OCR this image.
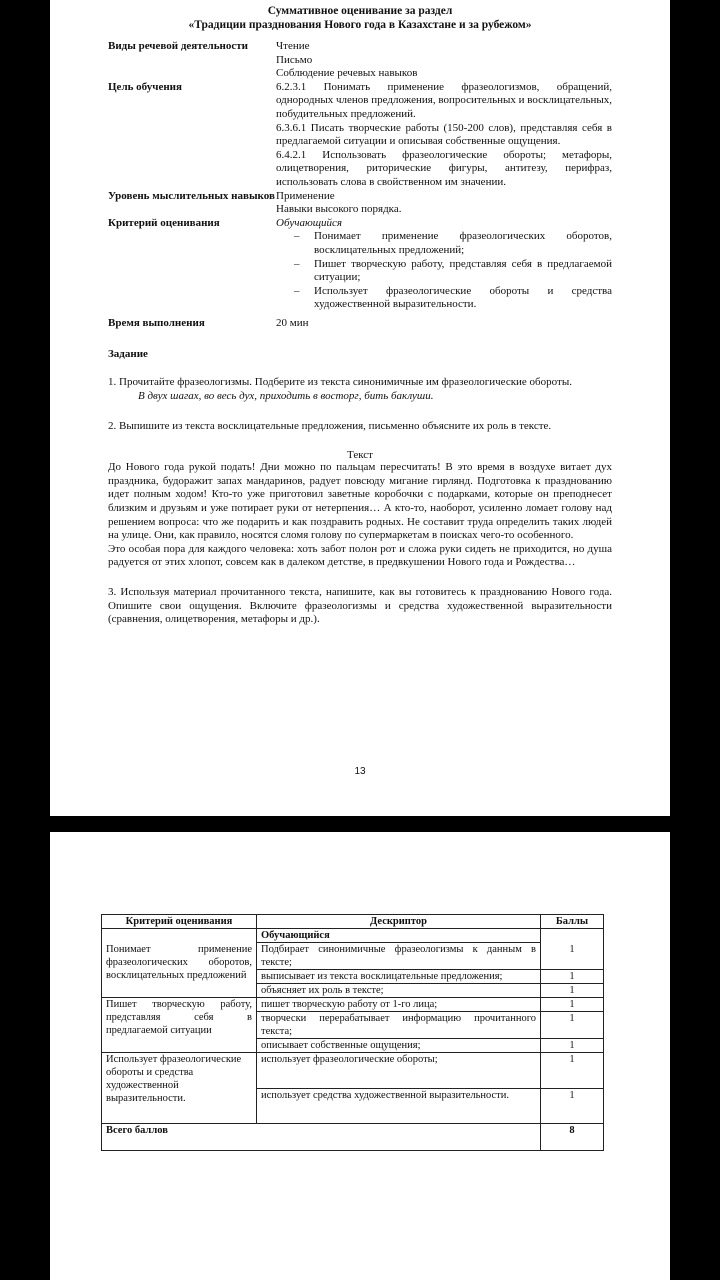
Суммативное оценивание за раздел
«Традиции празднования Нового года в Казахстане и за рубежом»
Виды речевой деятельности	Чтение

Письмо

Соблюдение речевых навыков

Цель обучения	6.2.3.1 Понимать применение фразеологизмов, обращений, однородных членов предложения, вопросительных и восклицательных, побудительных предложений.

6.3.6.1 Писать творческие работы (150-200 слов), представляя себя в предлагаемой ситуации и описывая собственные ощущения.

6.4.2.1 Использовать фразеологические обороты; метафоры, олицетворения, риторические фигуры, антитезу, перифраз, использовать слова в свойственном им значении.

Уровень мыслительных навыков Применение

Навыки высокого порядка.

Критерий оценивания	Обучающийся

– Понимает применение фразеологических оборотов, восклицательных предложений;
– Пишет творческую работу, представляя себя в предлагаемой ситуации;
– Использует фразеологические обороты и средства художественной выразительности.
Время выполнения	20 мин
Задание

1. Прочитайте фразеологизмы. Подберите из текста синонимичные им фразеологические обороты.

В двух шагах, во весь дух, приходить в восторг, бить баклуши.

2. Выпишите из текста восклицательные предложения, письменно объясните их роль в тексте.

Текст

До Нового года рукой подать! Дни можно по пальцам пересчитать! В это время в воздухе витает дух праздника, будоражит запах мандаринов, радует повсюду мигание гирлянд. Подготовка к празднованию идет полным ходом! Кто-то уже приготовил заветные коробочки с подарками, которые он преподнесет близким и друзьям и уже потирает руки от нетерпения… А кто-то, наоборот, усиленно ломает голову над решением вопроса: что же подарить и как поздравить родных. Не составит труда определить таких людей на улице. Они, как правило, носятся сломя голову по супермаркетам в поисках чего-то особенного.

Это особая пора для каждого человека: хоть забот полон рот и сложа руки сидеть не приходится, но душа радуется от этих хлопот, совсем как в далеком детстве, в предвкушении Нового года и Рождества…

3. Используя материал прочитанного текста, напишите, как вы готовитесь к празднованию Нового года. Опишите свои ощущения. Включите фразеологизмы и средства художественной выразительности (сравнения, олицетворения, метафоры и др.).

13
Критерий оценивания	Дескриптор	Баллы
	Обучающийся	
Понимает применение фразеологических оборотов, восклицательных предложений	Подбирает синонимичные фразеологизмы к данным в тексте;	1
	выписывает из текста восклицательные предложения;	1
	объясняет их роль в тексте;	1
Пишет творческую работу, представляя себя в предлагаемой ситуации	пишет творческую работу от 1-го лица;	1
	творчески перерабатывает информацию прочитанного текста;	1
	описывает собственные ощущения;	1
Использует фразеологические обороты и средства художественной выразительности.	использует фразеологические обороты;	1
	использует средства художественной выразительности.	1
Всего баллов		8
